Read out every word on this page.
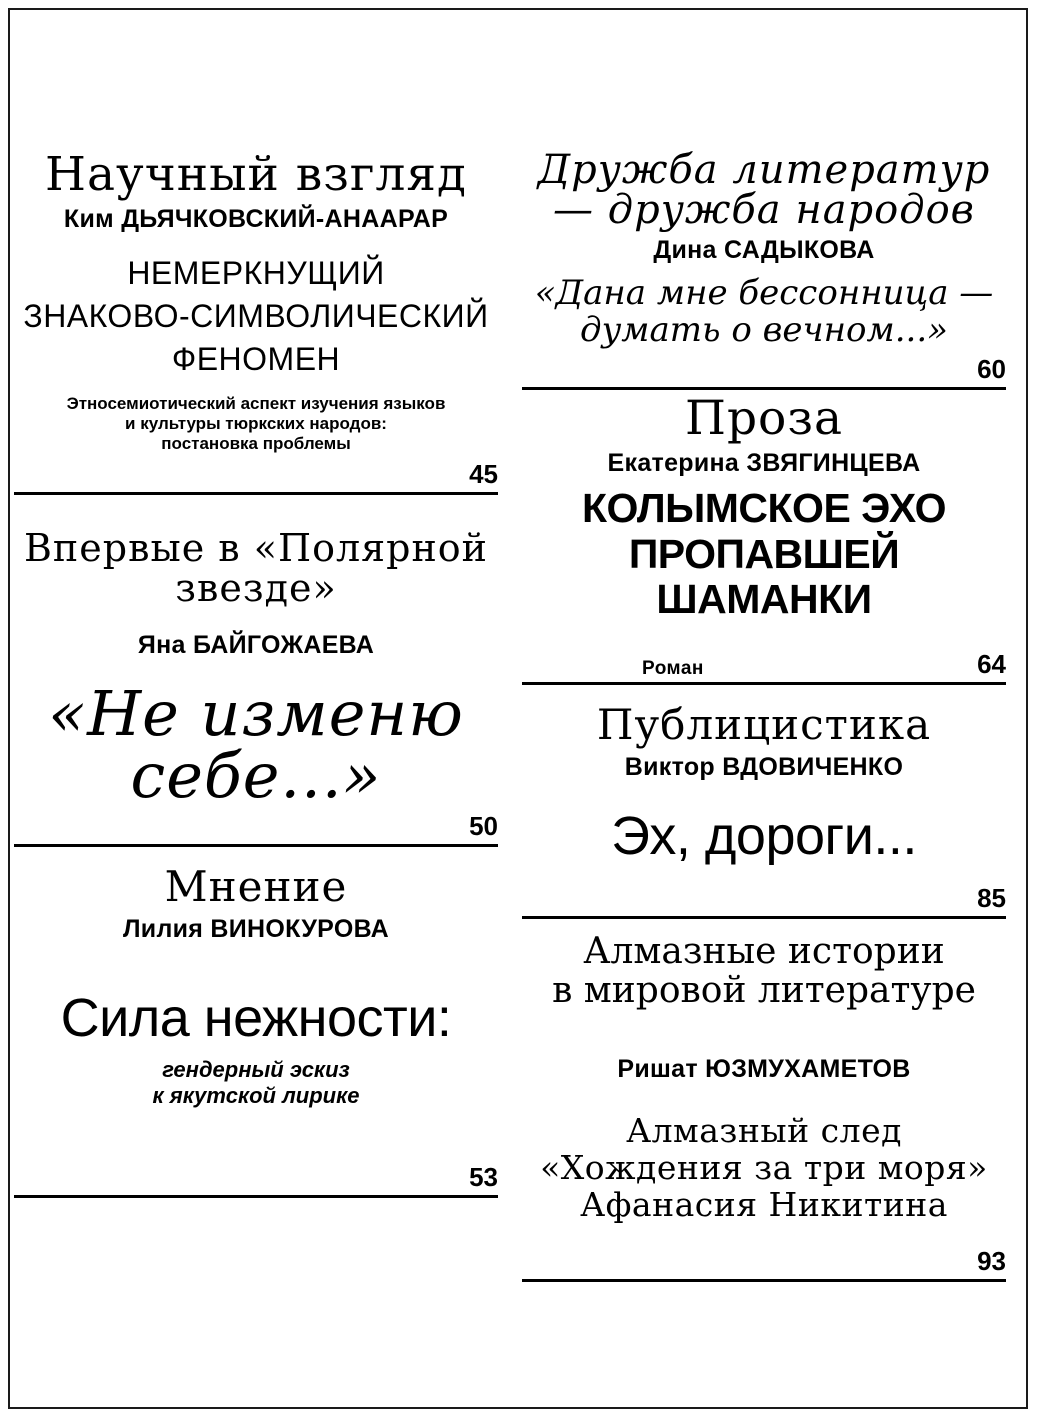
Научный взгляд
Ким ДЬЯЧКОВСКИЙ-АНААРАР
НЕМЕРКНУЩИЙ
ЗНАКОВО-СИМВОЛИЧЕСКИЙ
ФЕНОМЕН
Этносемиотический аспект изучения языков
и культуры тюркских народов:
постановка проблемы
45
Впервые в «Полярной звезде»
Яна БАЙГОЖАЕВА
«Не изменю
себе...»
50
Мнение
Лилия ВИНОКУРОВА
Сила нежности:
гендерный эскиз
к якутской лирике
53
Дружба литератур
— дружба народов
Дина САДЫКОВА
«Дана мне бессонница —
думать о вечном...»
60
Проза
Екатерина ЗВЯГИНЦЕВА
КОЛЫМСКОЕ ЭХО
ПРОПАВШЕЙ ШАМАНКИ
Роман	64
Публицистика
Виктор ВДОВИЧЕНКО
Эх, дороги...
85
Алмазные истории
в мировой литературе
Ришат ЮЗМУХАМЕТОВ
Алмазный след
«Хождения за три моря»
Афанасия Никитина
93
